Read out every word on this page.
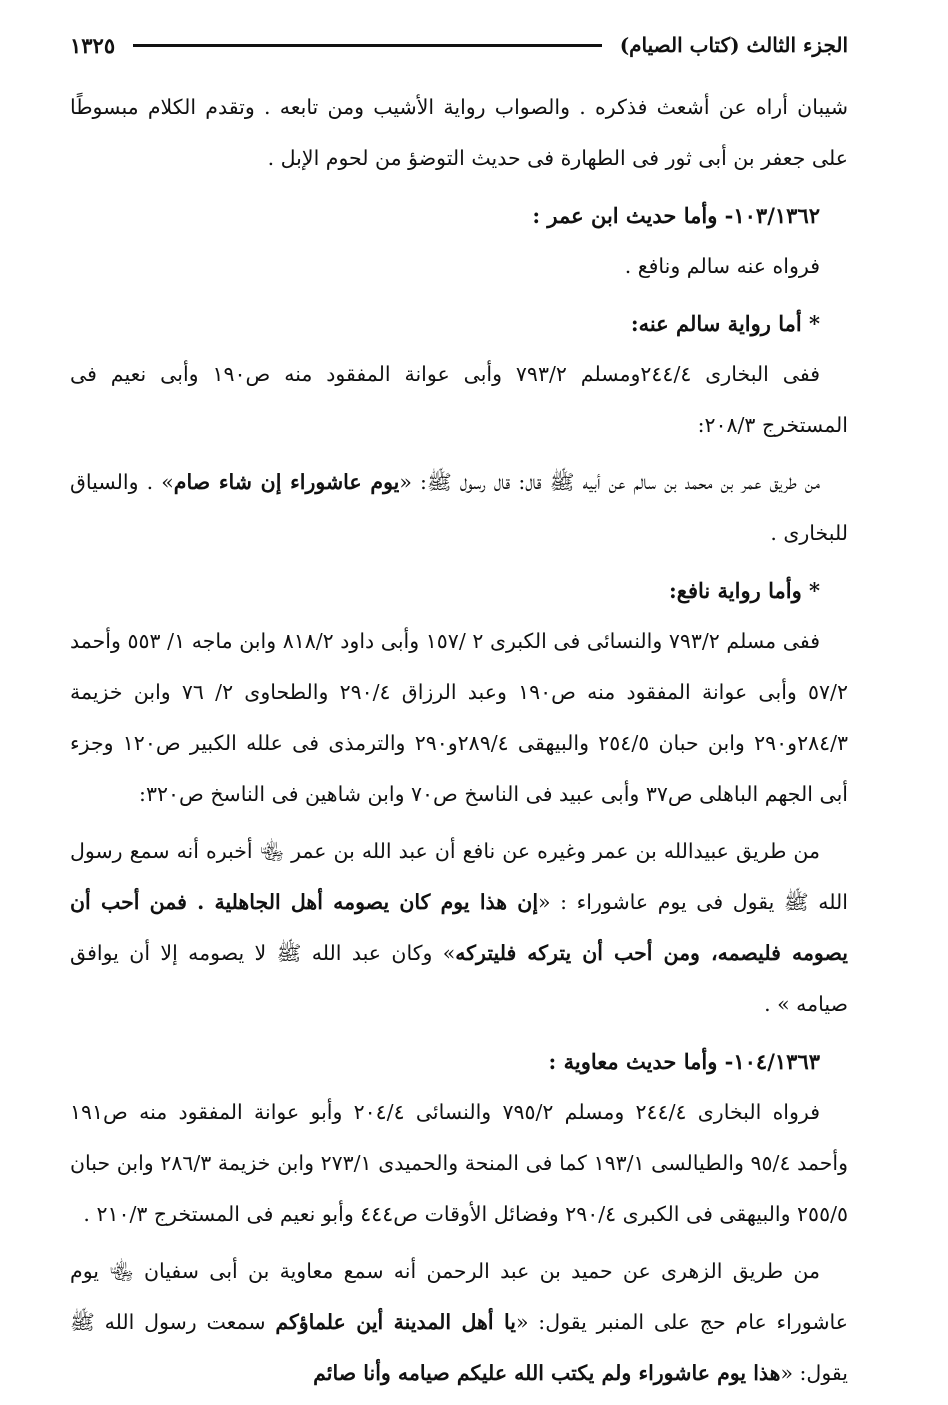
الجزء الثالث (كتاب الصيام)
١٣٢٥

شيبان أراه عن أشعث فذكره . والصواب رواية الأشيب ومن تابعه . وتقدم الكلام مبسوطًا على جعفر بن أبى ثور فى الطهارة فى حديث التوضؤ من لحوم الإبل .

١٠٣/١٣٦٢- وأما حديث ابن عمر :

فرواه عنه سالم ونافع .

* أما رواية سالم عنه:

ففى البخارى ٢٤٤/٤ومسلم ٧٩٣/٢ وأبى عوانة المفقود منه ص١٩٠ وأبى نعيم فى المستخرج ٢٠٨/٣:

من طريق عمر بن محمد بن سالم عن أبيه ﷺ قال: قال رسول ﷺ: «يوم عاشوراء إن شاء صام» . والسياق للبخارى .

* وأما رواية نافع:

ففى مسلم ٧٩٣/٢ والنسائى فى الكبرى ٢ /١٥٧ وأبى داود ٨١٨/٢ وابن ماجه ١/ ٥٥٣ وأحمد ٥٧/٢ وأبى عوانة المفقود منه ص١٩٠ وعبد الرزاق ٢٩٠/٤ والطحاوى ٢/ ٧٦ وابن خزيمة ٢٨٤/٣و٢٩٠ وابن حبان ٢٥٤/٥ والبيهقى ٢٨٩/٤و٢٩٠ والترمذى فى علله الكبير ص١٢٠ وجزء أبى الجهم الباهلى ص٣٧ وأبى عبيد فى الناسخ ص٧٠ وابن شاهين فى الناسخ ص٣٢٠:

من طريق عبيدالله بن عمر وغيره عن نافع أن عبد الله بن عمر ﵄ أخبره أنه سمع رسول الله ﷺ يقول فى يوم عاشوراء : «إن هذا يوم كان يصومه أهل الجاهلية . فمن أحب أن يصومه فليصمه، ومن أحب أن يتركه فليتركه» وكان عبد الله ﷺ لا يصومه إلا أن يوافق صيامه » .

١٠٤/١٣٦٣- وأما حديث معاوية :

فرواه البخارى ٢٤٤/٤ ومسلم ٧٩٥/٢ والنسائى ٢٠٤/٤ وأبو عوانة المفقود منه ص١٩١ وأحمد ٩٥/٤ والطيالسى ١٩٣/١ كما فى المنحة والحميدى ٢٧٣/١ وابن خزيمة ٢٨٦/٣ وابن حبان ٢٥٥/٥ والبيهقى فى الكبرى ٢٩٠/٤ وفضائل الأوقات ص٤٤٤ وأبو نعيم فى المستخرج ٢١٠/٣ .

من طريق الزهرى عن حميد بن عبد الرحمن أنه سمع معاوية بن أبى سفيان ﵄ يوم عاشوراء عام حج على المنبر يقول: «يا أهل المدينة أين علماؤكم سمعت رسول الله ﷺ يقول: «هذا يوم عاشوراء ولم يكتب الله عليكم صيامه وأنا صائم
